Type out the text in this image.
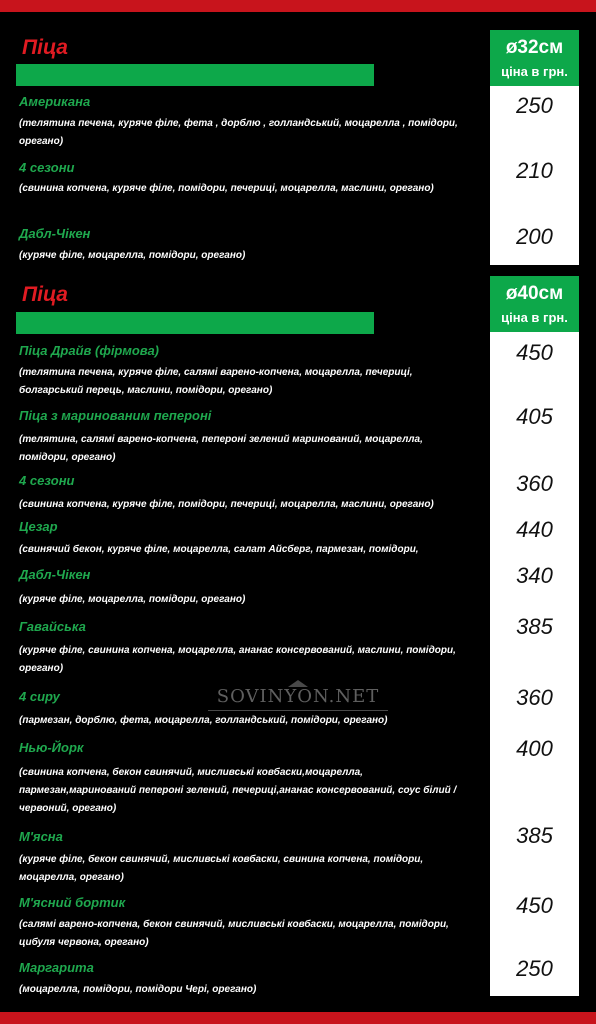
Піца	ø32см
ціна в грн.
Американа
(телятина печена, куряче філе, фета , дорблю , голландський, моцарелла , помідори, орегано)
250
4 сезони
(свинина копчена, куряче філе, помідори, печериці, моцарелла, маслини, орегано)
210
Дабл-Чікен
(куряче філе, моцарелла, помідори, орегано)
200
Піца	ø40см
ціна в грн.
Піца Драйв (фірмова)
(телятина печена, куряче філе, салямі варено-копчена, моцарелла, печериці, болгарський перець, маслини, помідори, орегано)
450
Піца з маринованим пепероні
(телятина, салямі варено-копчена, пепероні зелений маринований, моцарелла, помідори, орегано)
405
4 сезони
(свинина копчена, куряче філе, помідори, печериці, моцарелла, маслини, орегано)
360
Цезар
(свинячий бекон, куряче філе, моцарелла, салат Айсберг, пармезан, помідори,
440
Дабл-Чікен
(куряче філе, моцарелла, помідори, орегано)
340
Гавайська
(куряче філе, свинина копчена, моцарелла, ананас консервований, маслини, помідори, орегано)
385
4 сиру
(пармезан, дорблю, фета, моцарелла, голландський, помідори, орегано)
360
Нью-Йорк
(свинина копчена, бекон свинячий, мисливські ковбаски,моцарелла, пармезан,маринований пепероні зелений, печериці,ананас консервований, соус білий / червоний, орегано)
400
М'ясна
(куряче філе, бекон свинячий, мисливські ковбаски, свинина копчена, помідори, моцарелла, орегано)
385
М'ясний бортик
(салямі варено-копчена, бекон свинячий, мисливські ковбаски, моцарелла, помідори, цибуля червона, орегано)
450
Маргарита
(моцарелла, помідори, помідори Чері, орегано)
250
SOVINYON.NET
